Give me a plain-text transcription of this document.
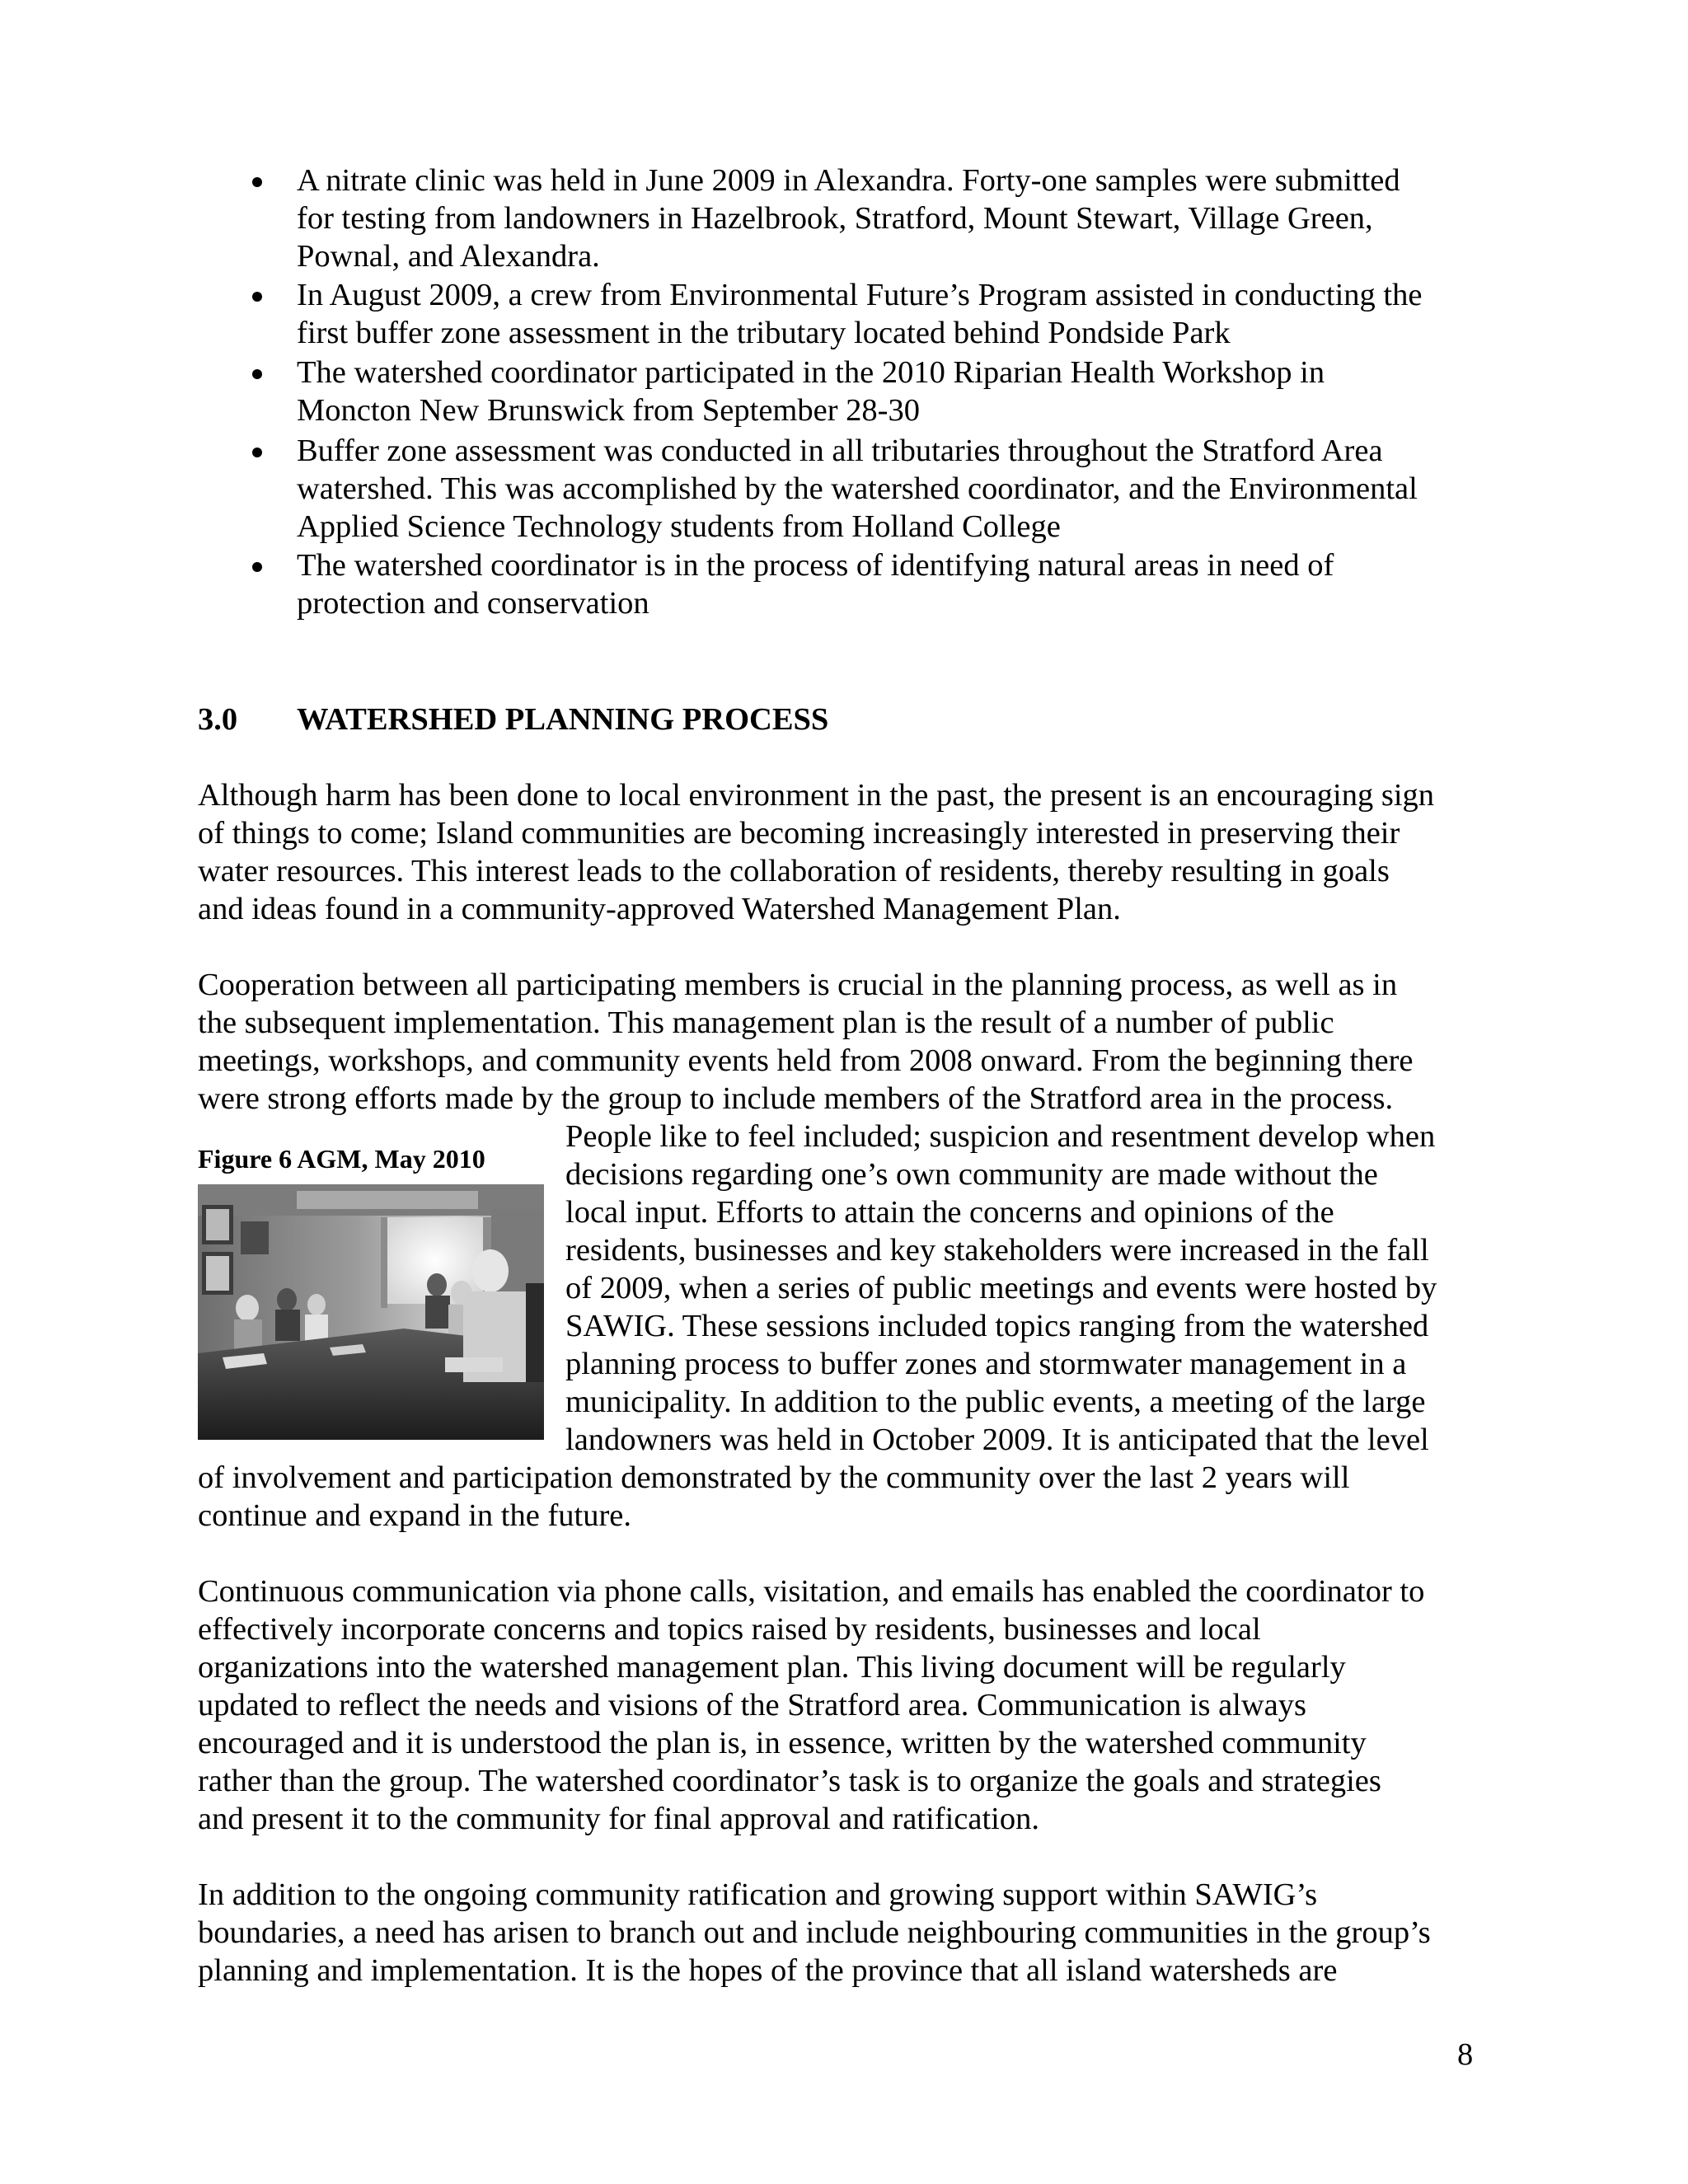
A nitrate clinic was held in June 2009 in Alexandra. Forty-one samples were submitted
for testing from landowners in Hazelbrook, Stratford, Mount Stewart, Village Green,
Pownal, and Alexandra.
In August 2009, a crew from Environmental Future’s Program assisted in conducting the
first buffer zone assessment in the tributary located behind Pondside Park
The watershed coordinator participated in the 2010 Riparian Health Workshop in
Moncton New Brunswick from September 28-30
Buffer zone assessment was conducted in all tributaries throughout the Stratford Area
watershed. This was accomplished by the watershed coordinator, and the Environmental
Applied Science Technology students from Holland College
The watershed coordinator is in the process of identifying natural areas in need of
protection and conservation
3.0 WATERSHED PLANNING PROCESS
Although harm has been done to local environment in the past, the present is an encouraging sign
of things to come; Island communities are becoming increasingly interested in preserving their
water resources. This interest leads to the collaboration of residents, thereby resulting in goals
and ideas found in a community-approved Watershed Management Plan.
Cooperation between all participating members is crucial in the planning process, as well as in
the subsequent implementation. This management plan is the result of a number of public
meetings, workshops, and community events held from 2008 onward. From the beginning there
were strong efforts made by the group to include members of the Stratford area in the process.
People like to feel included; suspicion and resentment develop when
decisions regarding one’s own community are made without the
local input. Efforts to attain the concerns and opinions of the
residents, businesses and key stakeholders were increased in the fall
of 2009, when a series of public meetings and events were hosted by
SAWIG. These sessions included topics ranging from the watershed
planning process to buffer zones and stormwater management in a
municipality. In addition to the public events, a meeting of the large
landowners was held in October 2009. It is anticipated that the level
of involvement and participation demonstrated by the community over the last 2 years will
continue and expand in the future.
Figure 6 AGM, May 2010
Continuous communication via phone calls, visitation, and emails has enabled the coordinator to
effectively incorporate concerns and topics raised by residents, businesses and local
organizations into the watershed management plan. This living document will be regularly
updated to reflect the needs and visions of the Stratford area. Communication is always
encouraged and it is understood the plan is, in essence, written by the watershed community
rather than the group. The watershed coordinator’s task is to organize the goals and strategies
and present it to the community for final approval and ratification.
In addition to the ongoing community ratification and growing support within SAWIG’s
boundaries, a need has arisen to branch out and include neighbouring communities in the group’s
planning and implementation. It is the hopes of the province that all island watersheds are
8
